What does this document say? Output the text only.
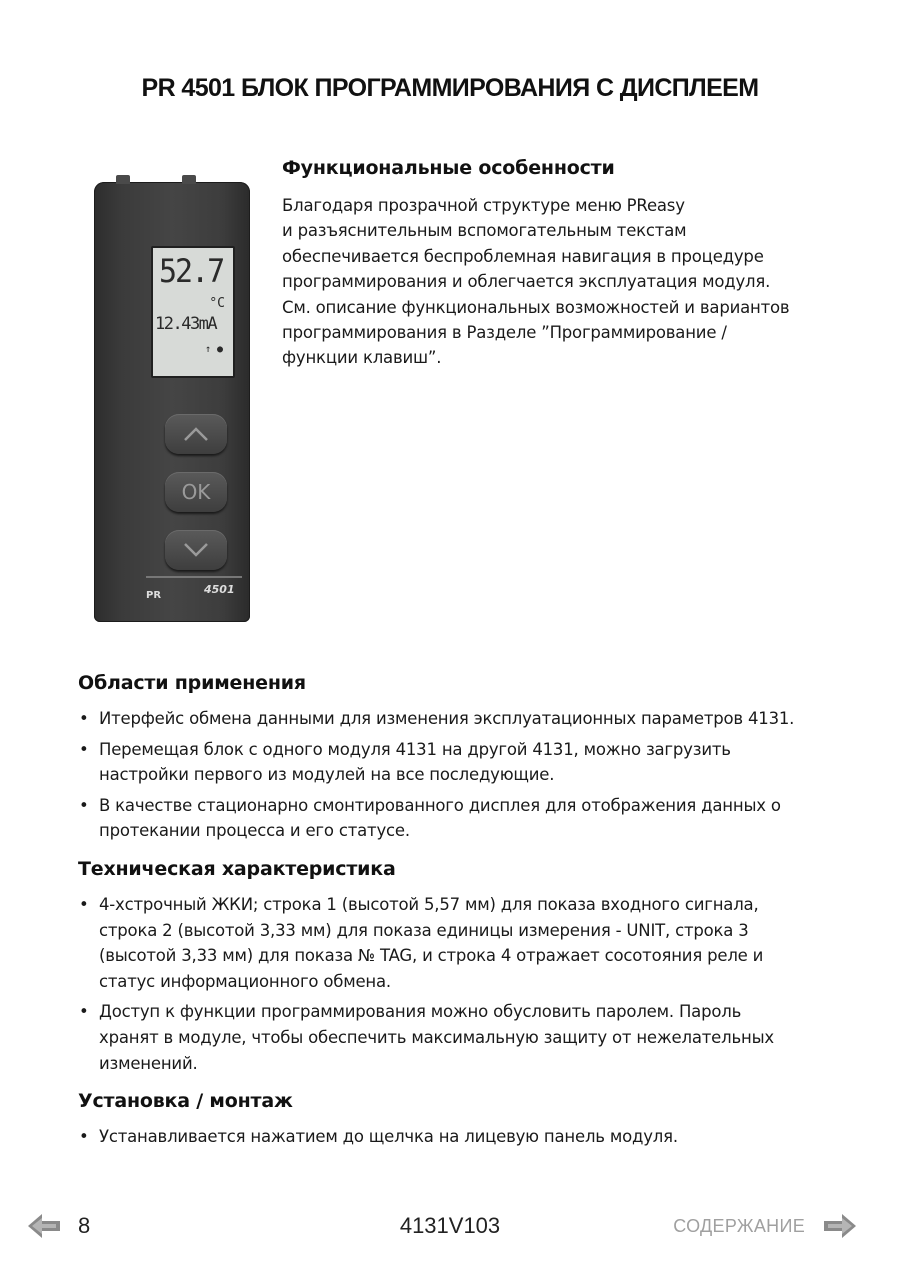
PR 4501 БЛОК ПРОГРАММИРОВАНИЯ С ДИСПЛЕЕМ
52.7
°C
12.43mA
↑ ●
OK
PR	4501
Функциональные особенности
Благодаря прозрачной структуре меню PReasy
и разъяснительным вспомогательным текстам
обеспечивается беспроблемная навигация в процедуре
программирования и облегчается эксплуатация модуля.
См. описание функциональных возможностей и вариантов
программирования в Разделе ”Программирование /
функции клавиш”.
Области применения
• Итерфейс обмена данными для изменения эксплуатационных параметров 4131.
• Перемещая блок с одного модуля 4131 на другой 4131, можно загрузить
настройки первого из модулей на все последующие.
• В качестве стационарно смонтированного дисплея для отображения данных о
протекании процесса и его статусе.
Техническая характеристика
• 4-хстрочный ЖКИ; строка 1 (высотой 5,57 мм) для показа входного сигнала,
строка 2 (высотой 3,33 мм) для показа единицы измерения - UNIT, строка 3
(высотой 3,33 мм) для показа № TAG, и строка 4 отражает сосотояния реле и
статус информационного обмена.
• Доступ к функции программирования можно обусловить паролем. Пароль
хранят в модуле, чтобы обеспечить максимальную защиту от нежелательных
изменений.
Установка / монтаж
• Устанавливается нажатием до щелчка на лицевую панель модуля.
8	4131V103	СОДЕРЖАНИЕ
